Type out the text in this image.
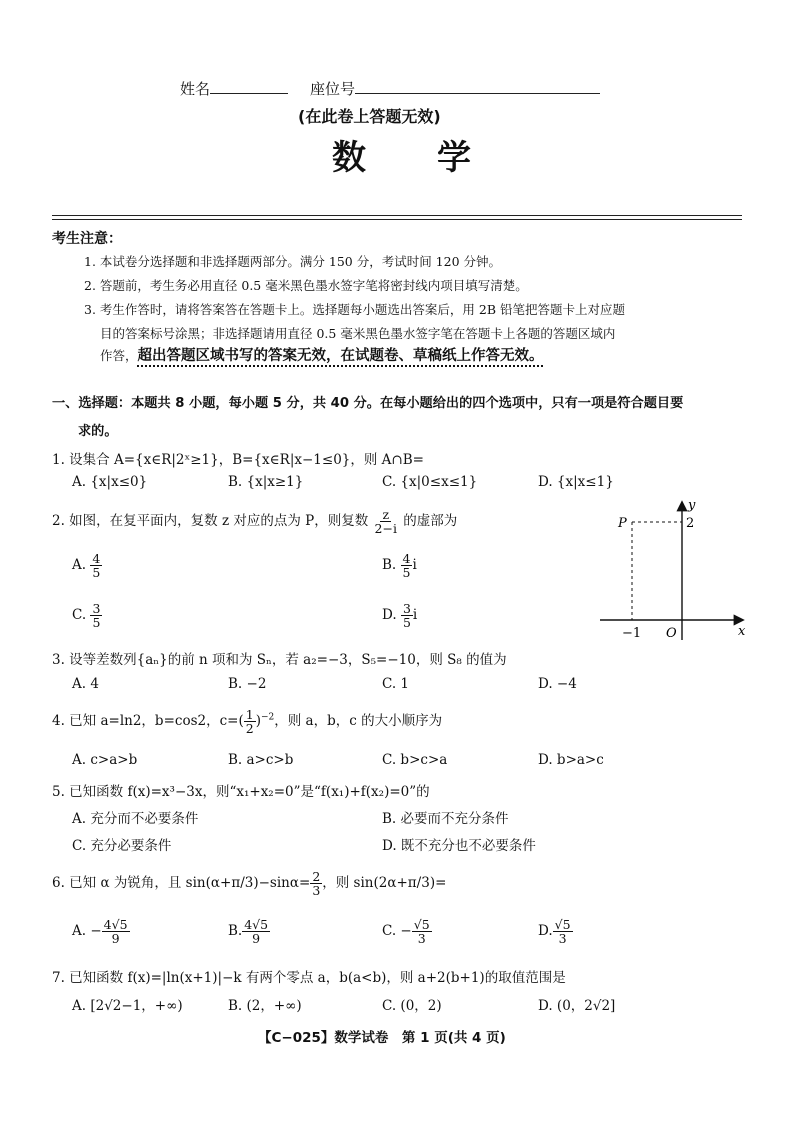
姓名	座位号
(在此卷上答题无效)
数      学
考生注意：
1. 本试卷分选择题和非选择题两部分。满分 150 分，考试时间 120 分钟。
2. 答题前，考生务必用直径 0.5 毫米黑色墨水签字笔将密封线内项目填写清楚。
3. 考生作答时，请将答案答在答题卡上。选择题每小题选出答案后，用 2B 铅笔把答题卡上对应题
目的答案标号涂黑；非选择题请用直径 0.5 毫米黑色墨水签字笔在答题卡上各题的答题区域内
作答，超出答题区域书写的答案无效，在试题卷、草稿纸上作答无效。
一、选择题：本题共 8 小题，每小题 5 分，共 40 分。在每小题给出的四个选项中，只有一项是符合题目要
求的。
1. 设集合 A={x∈R|2ˣ≥1}，B={x∈R|x−1≤0}，则 A∩B=
A. {x|x≤0}	B. {x|x≥1}	C. {x|0≤x≤1}	D. {x|x≤1}
2. 如图，在复平面内，复数 z 对应的点为 P，则复数 $\frac{z}{2-i}$ 的虚部为
A. $\frac{4}{5}$	B. $\frac{4}{5}$ i
C. $\frac{3}{5}$	D. $\frac{3}{5}$ i
P
y
2
x
−1 O
3. 设等差数列{aₙ}的前 n 项和为 Sₙ，若 a₂=−3，S₅=−10，则 S₈ 的值为
A. 4	B. −2	C. 1	D. −4
4. 已知 a=ln2，b=cos2，$c=( \frac{1}{2} )^{-2}$，则 a，b，c 的大小顺序为
A. c>a>b	B. a>c>b	C. b>c>a	D. b>a>c
5. 已知函数 f(x)=x³−3x，则“x₁+x₂=0”是“f(x₁)+f(x₂)=0”的
A. 充分而不必要条件	B. 必要而不充分条件
C. 充分必要条件	D. 既不充分也不必要条件
6. 已知 α 为锐角，且 $\sin(\alpha+\pi/3)-\sin\alpha= \frac{2}{3}$ ，则 sin(2α+π/3)=
A. − $\frac{4√5}{9}$	B. $\frac{4√5}{9}$	C. − $\frac{√5}{3}$	D. $\frac{√5}{3}$
7. 已知函数 f(x)=|ln(x+1)|−k 有两个零点 a，b(a<b)，则 a+2(b+1)的取值范围是
A. [2√2−1，+∞)	B. (2，+∞)	C. (0，2)	D. (0，2√2]
【C−025】数学试卷　第 1 页(共 4 页)
